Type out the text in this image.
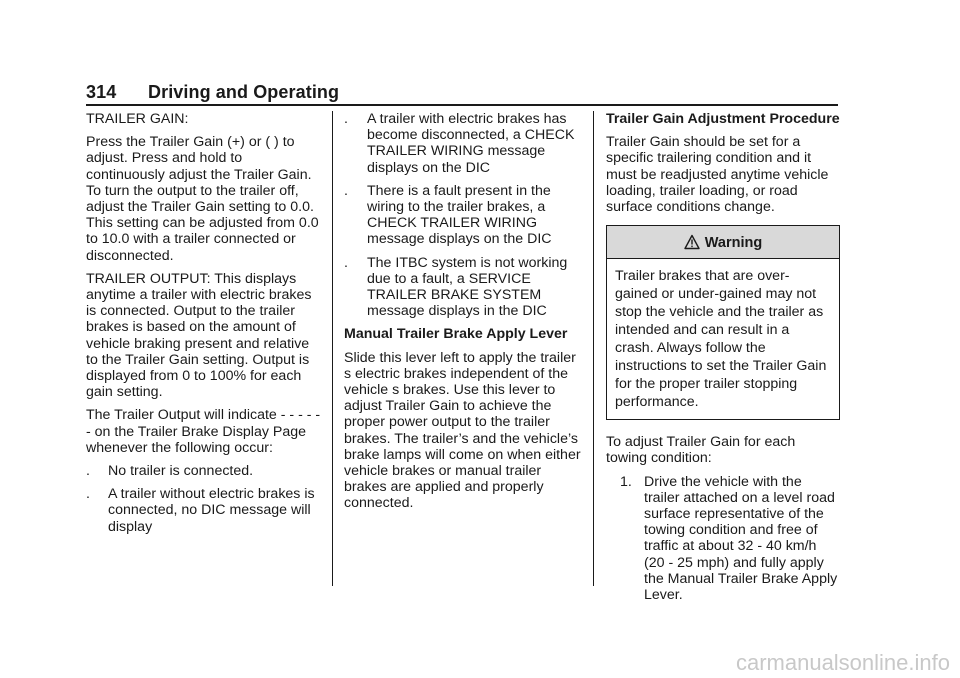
314 Driving and Operating

TRAILER GAIN:

Press the Trailer Gain (+) or ( ) to adjust. Press and hold to continuously adjust the Trailer Gain. To turn the output to the trailer off, adjust the Trailer Gain setting to 0.0. This setting can be adjusted from 0.0 to 10.0 with a trailer connected or disconnected.

TRAILER OUTPUT: This displays anytime a trailer with electric brakes is connected. Output to the trailer brakes is based on the amount of vehicle braking present and relative to the Trailer Gain setting. Output is displayed from 0 to 100% for each gain setting.

The Trailer Output will indicate - - - - - - on the Trailer Brake Display Page whenever the following occur:

.	No trailer is connected.
.	A trailer without electric brakes is connected, no DIC message will display
.	A trailer with electric brakes has become disconnected, a CHECK TRAILER WIRING message displays on the DIC
.	There is a fault present in the wiring to the trailer brakes, a CHECK TRAILER WIRING message displays on the DIC
.	The ITBC system is not working due to a fault, a SERVICE TRAILER BRAKE SYSTEM message displays in the DIC
Manual Trailer Brake Apply Lever

Slide this lever left to apply the trailer s electric brakes independent of the vehicle s brakes. Use this lever to adjust Trailer Gain to achieve the proper power output to the trailer brakes. The trailer’s and the vehicle’s brake lamps will come on when either vehicle brakes or manual trailer brakes are applied and properly connected.

Trailer Gain Adjustment Procedure

Trailer Gain should be set for a specific trailering condition and it must be readjusted anytime vehicle loading, trailer loading, or road surface conditions change.

Warning
Trailer brakes that are over-gained or under-gained may not stop the vehicle and the trailer as intended and can result in a crash. Always follow the instructions to set the Trailer Gain for the proper trailer stopping performance.

To adjust Trailer Gain for each towing condition:

1. Drive the vehicle with the trailer attached on a level road surface representative of the towing condition and free of traffic at about 32 - 40 km/h (20 - 25 mph) and fully apply the Manual Trailer Brake Apply Lever.
carmanualsonline.info
